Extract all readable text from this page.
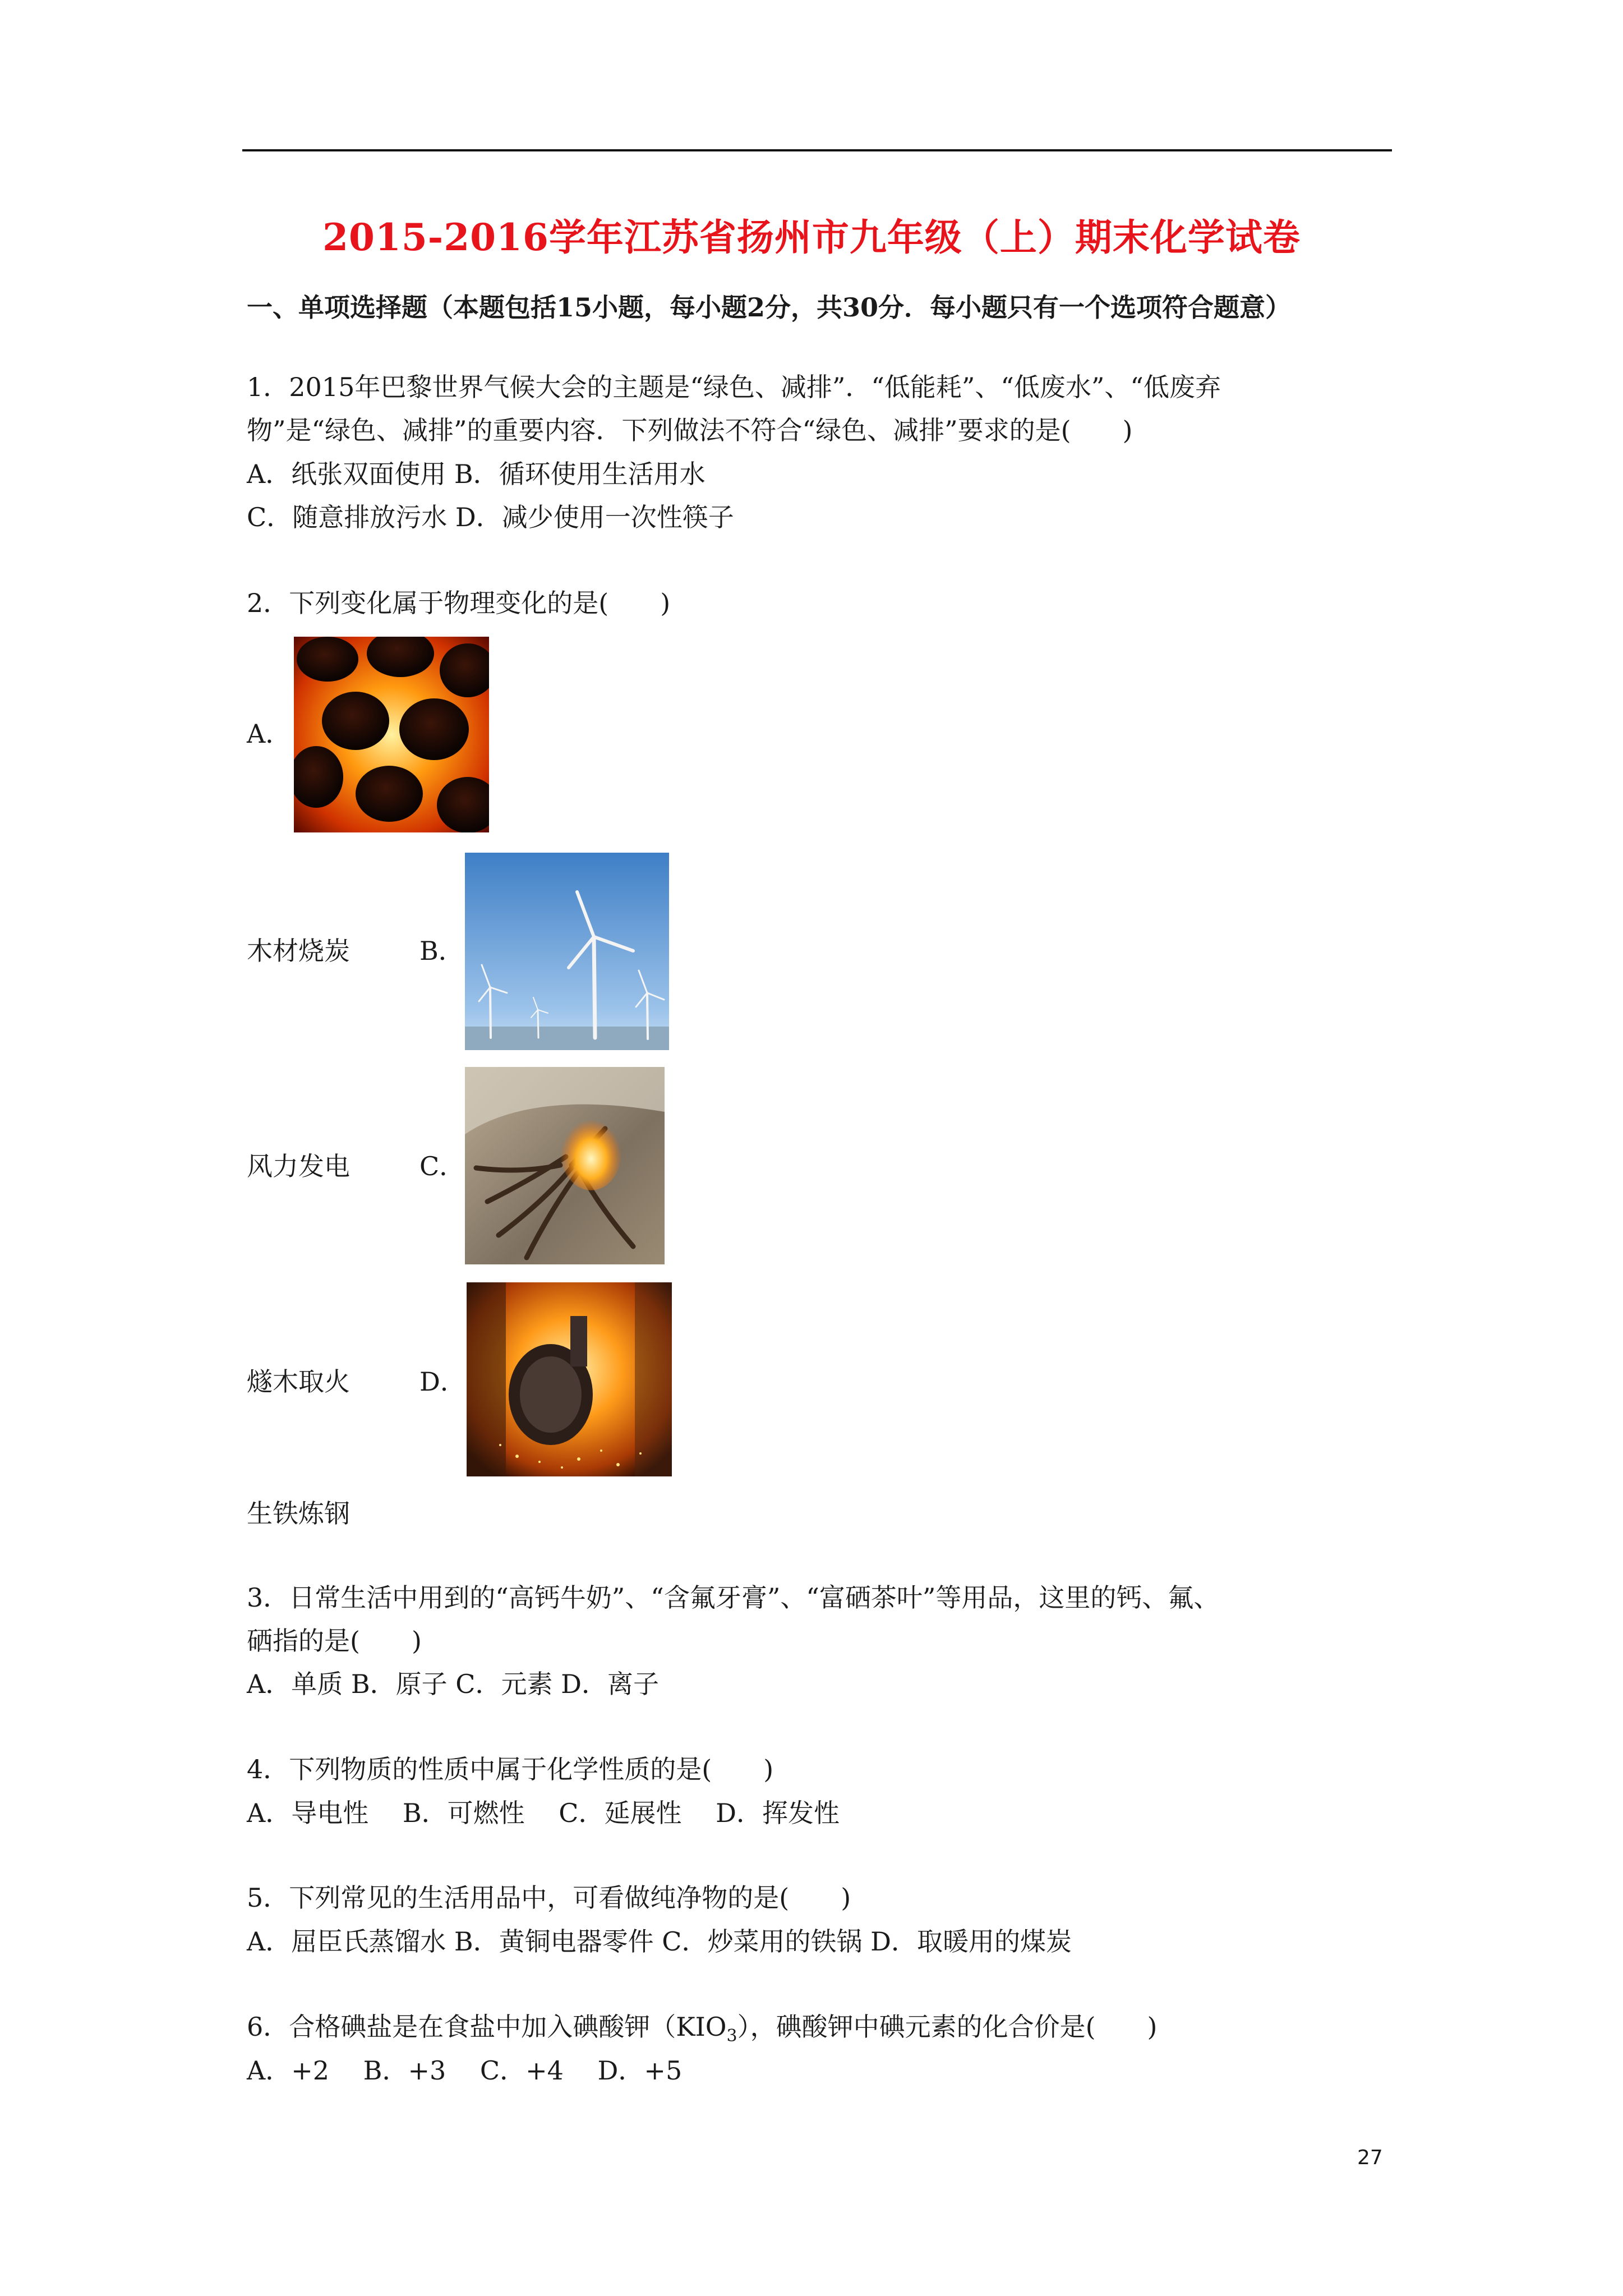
2015-2016学年江苏省扬州市九年级（上）期末化学试卷
一、单项选择题（本题包括15小题，每小题2分，共30分．每小题只有一个选项符合题意）
1．2015年巴黎世界气候大会的主题是“绿色、减排”．“低能耗”、“低废水”、“低废弃
物”是“绿色、减排”的重要内容．下列做法不符合“绿色、减排”要求的是(　　)
A．纸张双面使用 B．循环使用生活用水
C．随意排放污水 D．减少使用一次性筷子
2．下列变化属于物理变化的是(　　)
A．
木材烧炭	B．
风力发电	C．
燧木取火	D．
生铁炼钢
3．日常生活中用到的“高钙牛奶”、“含氟牙膏”、“富硒茶叶”等用品，这里的钙、氟、
硒指的是(　　)
A．单质 B．原子 C．元素 D．离子
4．下列物质的性质中属于化学性质的是(　　)
A．导电性　 B．可燃性　 C．延展性　 D．挥发性
5．下列常见的生活用品中，可看做纯净物的是(　　)
A．屈臣氏蒸馏水 B．黄铜电器零件 C．炒菜用的铁锅 D．取暖用的煤炭
6．合格碘盐是在食盐中加入碘酸钾$(KIO_3)$，碘酸钾中碘元素的化合价是(　　)
A．+2　 B．+3　 C．+4　 D．+5
27
